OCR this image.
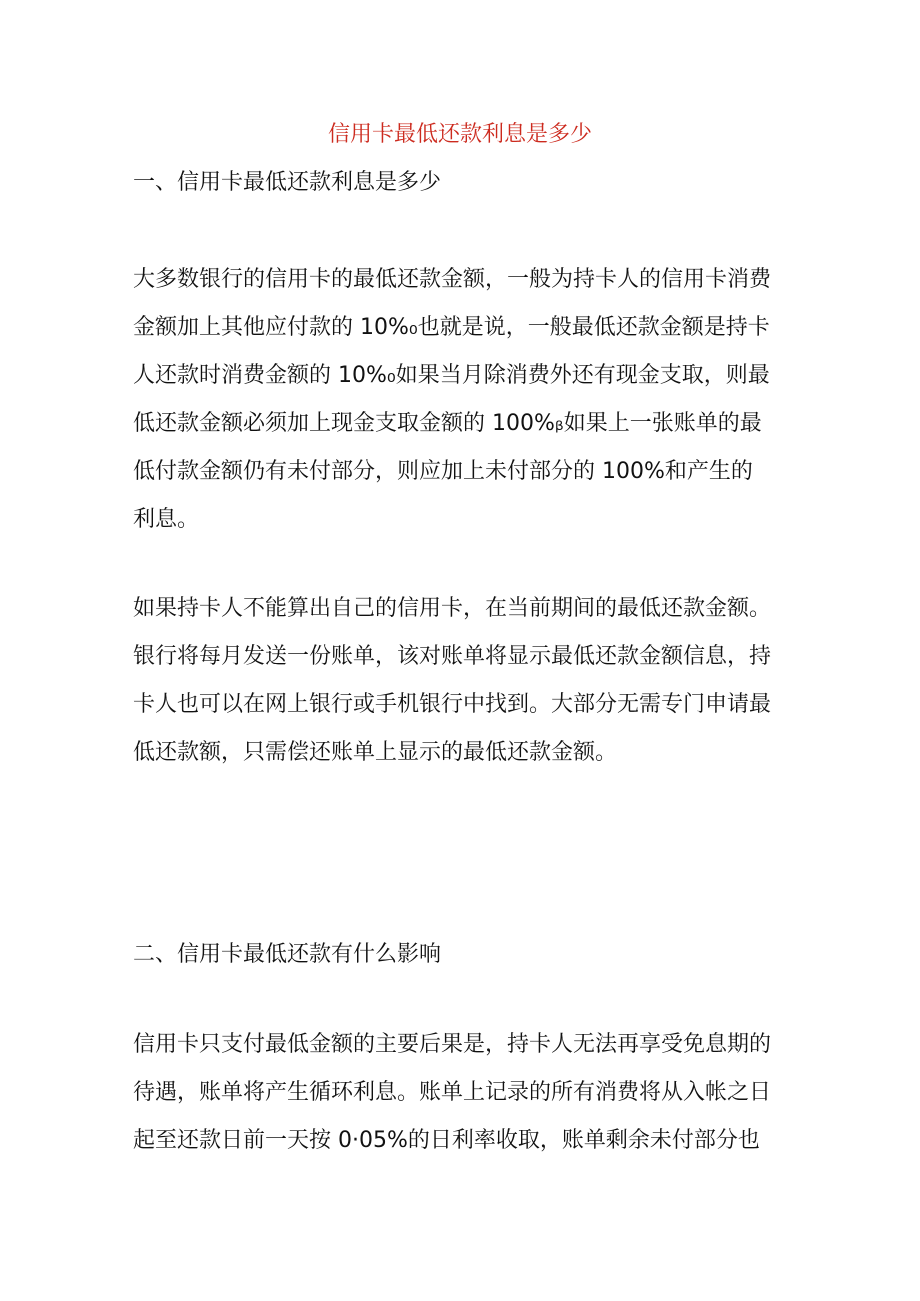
信用卡最低还款利息是多少
一、信用卡最低还款利息是多少
大多数银行的信用卡的最低还款金额，一般为持卡人的信用卡消费
金额加上其他应付款的 10%₀也就是说，一般最低还款金额是持卡
人还款时消费金额的 10%₀如果当月除消费外还有现金支取，则最
低还款金额必须加上现金支取金额的 100%ᵦ如果上一张账单的最
低付款金额仍有未付部分，则应加上未付部分的 100%和产生的
利息。
如果持卡人不能算出自己的信用卡，在当前期间的最低还款金额。
银行将每月发送一份账单，该对账单将显示最低还款金额信息，持
卡人也可以在网上银行或手机银行中找到。大部分无需专门申请最
低还款额，只需偿还账单上显示的最低还款金额。
二、信用卡最低还款有什么影响
信用卡只支付最低金额的主要后果是，持卡人无法再享受免息期的
待遇，账单将产生循环利息。账单上记录的所有消费将从入帐之日
起至还款日前一天按 0·05%的日利率收取，账单剩余未付部分也
